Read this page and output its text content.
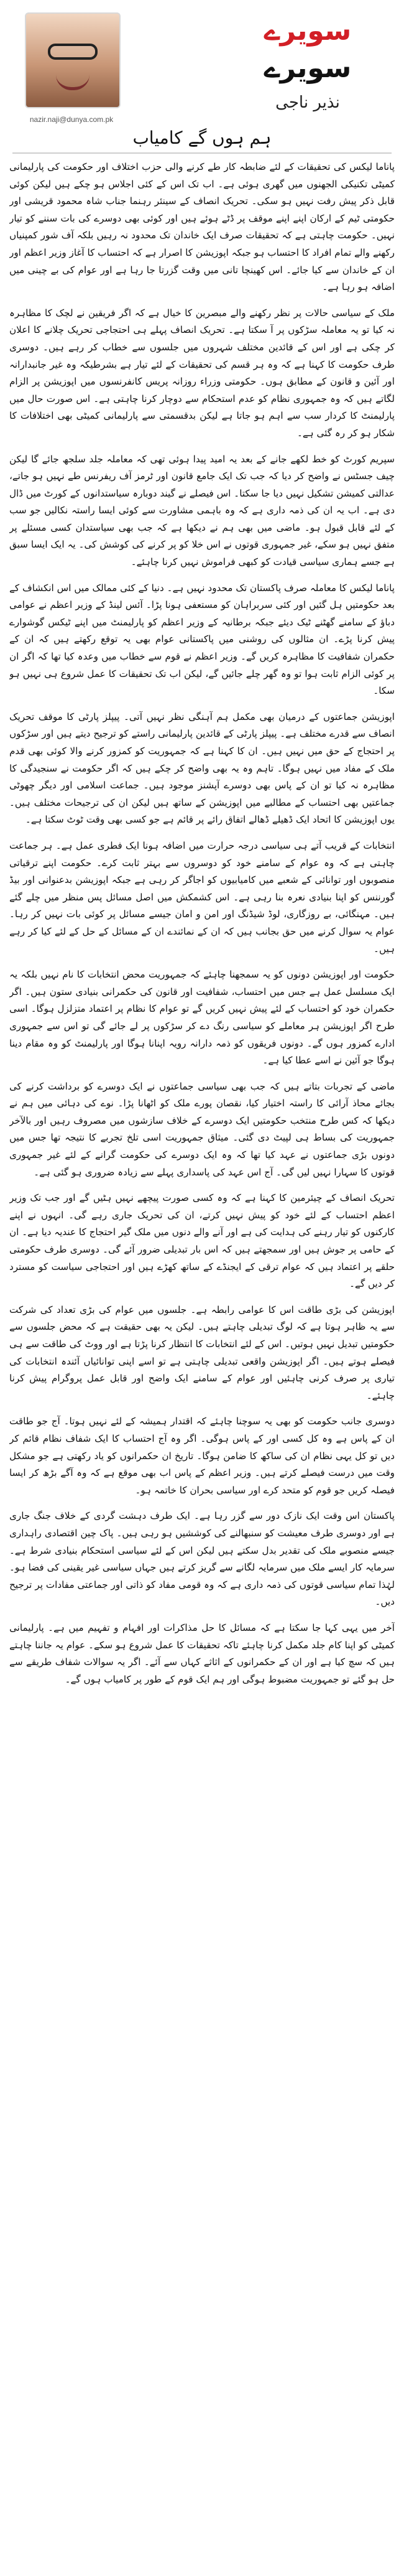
سویرے
سویرے
نذیر ناجی
nazir.naji@dunya.com.pk
ہم ہوں گے کامیاب

پاناما لیکس کی تحقیقات کے لئے ضابطہ کار طے کرنے والی حزب اختلاف اور حکومت کی پارلیمانی کمیٹی تکنیکی الجھنوں میں گھری ہوئی ہے۔ اب تک اس کے کئی اجلاس ہو چکے ہیں لیکن کوئی قابل ذکر پیش رفت نہیں ہو سکی۔ تحریک انصاف کے سینئر رہنما جناب شاہ محمود قریشی اور حکومتی ٹیم کے ارکان اپنے اپنے موقف پر ڈٹے ہوئے ہیں اور کوئی بھی دوسرے کی بات سننے کو تیار نہیں۔ حکومت چاہتی ہے کہ تحقیقات صرف ایک خاندان تک محدود نہ رہیں بلکہ آف شور کمپنیاں رکھنے والے تمام افراد کا احتساب ہو جبکہ اپوزیشن کا اصرار ہے کہ احتساب کا آغاز وزیر اعظم اور ان کے خاندان سے کیا جائے۔ اس کھینچا تانی میں وقت گزرتا جا رہا ہے اور عوام کی بے چینی میں اضافہ ہو رہا ہے۔

ملک کے سیاسی حالات پر نظر رکھنے والے مبصرین کا خیال ہے کہ اگر فریقین نے لچک کا مظاہرہ نہ کیا تو یہ معاملہ سڑکوں پر آ سکتا ہے۔ تحریک انصاف پہلے ہی احتجاجی تحریک چلانے کا اعلان کر چکی ہے اور اس کے قائدین مختلف شہروں میں جلسوں سے خطاب کر رہے ہیں۔ دوسری طرف حکومت کا کہنا ہے کہ وہ ہر قسم کی تحقیقات کے لئے تیار ہے بشرطیکہ وہ غیر جانبدارانہ اور آئین و قانون کے مطابق ہوں۔ حکومتی وزراء روزانہ پریس کانفرنسوں میں اپوزیشن پر الزام لگاتے ہیں کہ وہ جمہوری نظام کو عدم استحکام سے دوچار کرنا چاہتی ہے۔ اس صورت حال میں پارلیمنٹ کا کردار سب سے اہم ہو جاتا ہے لیکن بدقسمتی سے پارلیمانی کمیٹی بھی اختلافات کا شکار ہو کر رہ گئی ہے۔

سپریم کورٹ کو خط لکھے جانے کے بعد یہ امید پیدا ہوئی تھی کہ معاملہ جلد سلجھ جائے گا لیکن چیف جسٹس نے واضح کر دیا کہ جب تک ایک جامع قانون اور ٹرمز آف ریفرنس طے نہیں ہو جاتے، عدالتی کمیشن تشکیل نہیں دیا جا سکتا۔ اس فیصلے نے گیند دوبارہ سیاستدانوں کے کورٹ میں ڈال دی ہے۔ اب یہ ان کی ذمہ داری ہے کہ وہ باہمی مشاورت سے کوئی ایسا راستہ نکالیں جو سب کے لئے قابل قبول ہو۔ ماضی میں بھی ہم نے دیکھا ہے کہ جب بھی سیاستدان کسی مسئلے پر متفق نہیں ہو سکے، غیر جمہوری قوتوں نے اس خلا کو پر کرنے کی کوشش کی۔ یہ ایک ایسا سبق ہے جسے ہماری سیاسی قیادت کو کبھی فراموش نہیں کرنا چاہئے۔

پاناما لیکس کا معاملہ صرف پاکستان تک محدود نہیں ہے۔ دنیا کے کئی ممالک میں اس انکشاف کے بعد حکومتیں ہل گئیں اور کئی سربراہان کو مستعفی ہونا پڑا۔ آئس لینڈ کے وزیر اعظم نے عوامی دباؤ کے سامنے گھٹنے ٹیک دیئے جبکہ برطانیہ کے وزیر اعظم کو پارلیمنٹ میں اپنے ٹیکس گوشوارے پیش کرنا پڑے۔ ان مثالوں کی روشنی میں پاکستانی عوام بھی یہ توقع رکھتے ہیں کہ ان کے حکمران شفافیت کا مظاہرہ کریں گے۔ وزیر اعظم نے قوم سے خطاب میں وعدہ کیا تھا کہ اگر ان پر کوئی الزام ثابت ہوا تو وہ گھر چلے جائیں گے، لیکن اب تک تحقیقات کا عمل شروع ہی نہیں ہو سکا۔

اپوزیشن جماعتوں کے درمیان بھی مکمل ہم آہنگی نظر نہیں آتی۔ پیپلز پارٹی کا موقف تحریک انصاف سے قدرے مختلف ہے۔ پیپلز پارٹی کے قائدین پارلیمانی راستے کو ترجیح دیتے ہیں اور سڑکوں پر احتجاج کے حق میں نہیں ہیں۔ ان کا کہنا ہے کہ جمہوریت کو کمزور کرنے والا کوئی بھی قدم ملک کے مفاد میں نہیں ہوگا۔ تاہم وہ یہ بھی واضح کر چکے ہیں کہ اگر حکومت نے سنجیدگی کا مظاہرہ نہ کیا تو ان کے پاس بھی دوسرے آپشنز موجود ہیں۔ جماعت اسلامی اور دیگر چھوٹی جماعتیں بھی احتساب کے مطالبے میں اپوزیشن کے ساتھ ہیں لیکن ان کی ترجیحات مختلف ہیں۔ یوں اپوزیشن کا اتحاد ایک ڈھیلے ڈھالے اتفاق رائے پر قائم ہے جو کسی بھی وقت ٹوٹ سکتا ہے۔

انتخابات کے قریب آتے ہی سیاسی درجہ حرارت میں اضافہ ہونا ایک فطری عمل ہے۔ ہر جماعت چاہتی ہے کہ وہ عوام کے سامنے خود کو دوسروں سے بہتر ثابت کرے۔ حکومت اپنے ترقیاتی منصوبوں اور توانائی کے شعبے میں کامیابیوں کو اجاگر کر رہی ہے جبکہ اپوزیشن بدعنوانی اور بیڈ گورننس کو اپنا بنیادی نعرہ بنا رہی ہے۔ اس کشمکش میں اصل مسائل پس منظر میں چلے گئے ہیں۔ مہنگائی، بے روزگاری، لوڈ شیڈنگ اور امن و امان جیسے مسائل پر کوئی بات نہیں کر رہا۔ عوام یہ سوال کرنے میں حق بجانب ہیں کہ ان کے نمائندے ان کے مسائل کے حل کے لئے کیا کر رہے ہیں۔

حکومت اور اپوزیشن دونوں کو یہ سمجھنا چاہئے کہ جمہوریت محض انتخابات کا نام نہیں بلکہ یہ ایک مسلسل عمل ہے جس میں احتساب، شفافیت اور قانون کی حکمرانی بنیادی ستون ہیں۔ اگر حکمران خود کو احتساب کے لئے پیش نہیں کریں گے تو عوام کا نظام پر اعتماد متزلزل ہوگا۔ اسی طرح اگر اپوزیشن ہر معاملے کو سیاسی رنگ دے کر سڑکوں پر لے جائے گی تو اس سے جمہوری ادارے کمزور ہوں گے۔ دونوں فریقوں کو ذمہ دارانہ رویہ اپنانا ہوگا اور پارلیمنٹ کو وہ مقام دینا ہوگا جو آئین نے اسے عطا کیا ہے۔

ماضی کے تجربات بتاتے ہیں کہ جب بھی سیاسی جماعتوں نے ایک دوسرے کو برداشت کرنے کی بجائے محاذ آرائی کا راستہ اختیار کیا، نقصان پورے ملک کو اٹھانا پڑا۔ نوے کی دہائی میں ہم نے دیکھا کہ کس طرح منتخب حکومتیں ایک دوسرے کے خلاف سازشوں میں مصروف رہیں اور بالآخر جمہوریت کی بساط ہی لپیٹ دی گئی۔ میثاق جمہوریت اسی تلخ تجربے کا نتیجہ تھا جس میں دونوں بڑی جماعتوں نے عہد کیا تھا کہ وہ ایک دوسرے کی حکومت گرانے کے لئے غیر جمہوری قوتوں کا سہارا نہیں لیں گی۔ آج اس عہد کی پاسداری پہلے سے زیادہ ضروری ہو گئی ہے۔

تحریک انصاف کے چیئرمین کا کہنا ہے کہ وہ کسی صورت پیچھے نہیں ہٹیں گے اور جب تک وزیر اعظم احتساب کے لئے خود کو پیش نہیں کرتے، ان کی تحریک جاری رہے گی۔ انہوں نے اپنے کارکنوں کو تیار رہنے کی ہدایت کی ہے اور آنے والے دنوں میں ملک گیر احتجاج کا عندیہ دیا ہے۔ ان کے حامی پر جوش ہیں اور سمجھتے ہیں کہ اس بار تبدیلی ضرور آئے گی۔ دوسری طرف حکومتی حلقے پر اعتماد ہیں کہ عوام ترقی کے ایجنڈے کے ساتھ کھڑے ہیں اور احتجاجی سیاست کو مسترد کر دیں گے۔

اپوزیشن کی بڑی طاقت اس کا عوامی رابطہ ہے۔ جلسوں میں عوام کی بڑی تعداد کی شرکت سے یہ ظاہر ہوتا ہے کہ لوگ تبدیلی چاہتے ہیں۔ لیکن یہ بھی حقیقت ہے کہ محض جلسوں سے حکومتیں تبدیل نہیں ہوتیں۔ اس کے لئے انتخابات کا انتظار کرنا پڑتا ہے اور ووٹ کی طاقت سے ہی فیصلے ہوتے ہیں۔ اگر اپوزیشن واقعی تبدیلی چاہتی ہے تو اسے اپنی توانائیاں آئندہ انتخابات کی تیاری پر صرف کرنی چاہئیں اور عوام کے سامنے ایک واضح اور قابل عمل پروگرام پیش کرنا چاہئے۔

دوسری جانب حکومت کو بھی یہ سوچنا چاہئے کہ اقتدار ہمیشہ کے لئے نہیں ہوتا۔ آج جو طاقت ان کے پاس ہے وہ کل کسی اور کے پاس ہوگی۔ اگر وہ آج احتساب کا ایک شفاف نظام قائم کر دیں تو کل یہی نظام ان کی ساکھ کا ضامن ہوگا۔ تاریخ ان حکمرانوں کو یاد رکھتی ہے جو مشکل وقت میں درست فیصلے کرتے ہیں۔ وزیر اعظم کے پاس اب بھی موقع ہے کہ وہ آگے بڑھ کر ایسا فیصلہ کریں جو قوم کو متحد کرے اور سیاسی بحران کا خاتمہ ہو۔

پاکستان اس وقت ایک نازک دور سے گزر رہا ہے۔ ایک طرف دہشت گردی کے خلاف جنگ جاری ہے اور دوسری طرف معیشت کو سنبھالنے کی کوششیں ہو رہی ہیں۔ پاک چین اقتصادی راہداری جیسے منصوبے ملک کی تقدیر بدل سکتے ہیں لیکن اس کے لئے سیاسی استحکام بنیادی شرط ہے۔ سرمایہ کار ایسے ملک میں سرمایہ لگانے سے گریز کرتے ہیں جہاں سیاسی غیر یقینی کی فضا ہو۔ لہٰذا تمام سیاسی قوتوں کی ذمہ داری ہے کہ وہ قومی مفاد کو ذاتی اور جماعتی مفادات پر ترجیح دیں۔

آخر میں یہی کہا جا سکتا ہے کہ مسائل کا حل مذاکرات اور افہام و تفہیم میں ہے۔ پارلیمانی کمیٹی کو اپنا کام جلد مکمل کرنا چاہئے تاکہ تحقیقات کا عمل شروع ہو سکے۔ عوام یہ جاننا چاہتے ہیں کہ سچ کیا ہے اور ان کے حکمرانوں کے اثاثے کہاں سے آئے۔ اگر یہ سوالات شفاف طریقے سے حل ہو گئے تو جمہوریت مضبوط ہوگی اور ہم ایک قوم کے طور پر کامیاب ہوں گے۔
